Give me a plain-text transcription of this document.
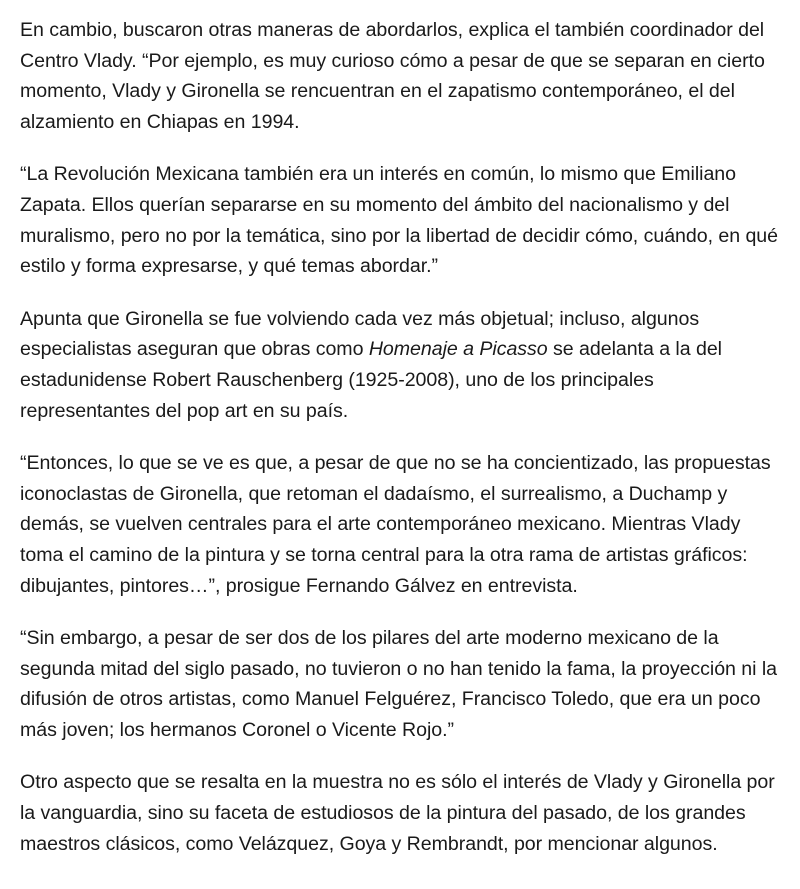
En cambio, buscaron otras maneras de abordarlos, explica el también coordinador del Centro Vlady. “Por ejemplo, es muy curioso cómo a pesar de que se separan en cierto momento, Vlady y Gironella se rencuentran en el zapatismo contemporáneo, el del alzamiento en Chiapas en 1994.

“La Revolución Mexicana también era un interés en común, lo mismo que Emiliano Zapata. Ellos querían separarse en su momento del ámbito del nacionalismo y del muralismo, pero no por la temática, sino por la libertad de decidir cómo, cuándo, en qué estilo y forma expresarse, y qué temas abordar.”

Apunta que Gironella se fue volviendo cada vez más objetual; incluso, algunos especialistas aseguran que obras como Homenaje a Picasso se adelanta a la del estadunidense Robert Rauschenberg (1925-2008), uno de los principales representantes del pop art en su país.

“Entonces, lo que se ve es que, a pesar de que no se ha concientizado, las propuestas iconoclastas de Gironella, que retoman el dadaísmo, el surrealismo, a Duchamp y demás, se vuelven centrales para el arte contemporáneo mexicano. Mientras Vlady toma el camino de la pintura y se torna central para la otra rama de artistas gráficos: dibujantes, pintores…”, prosigue Fernando Gálvez en entrevista.

“Sin embargo, a pesar de ser dos de los pilares del arte moderno mexicano de la segunda mitad del siglo pasado, no tuvieron o no han tenido la fama, la proyección ni la difusión de otros artistas, como Manuel Felguérez, Francisco Toledo, que era un poco más joven; los hermanos Coronel o Vicente Rojo.”

Otro aspecto que se resalta en la muestra no es sólo el interés de Vlady y Gironella por la vanguardia, sino su faceta de estudiosos de la pintura del pasado, de los grandes maestros clásicos, como Velázquez, Goya y Rembrandt, por mencionar algunos.
